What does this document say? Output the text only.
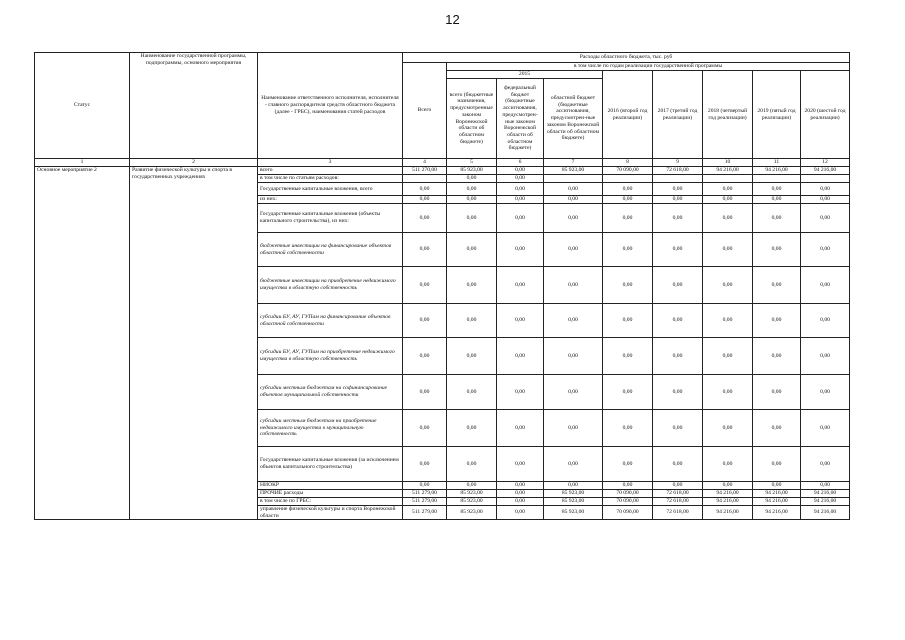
12
Статус	Наименование государственной программы, подпрограммы, основного мероприятия	Наименование ответственного исполнителя, исполнителя - главного распорядителя средств областного бюджета (далее - ГРБС), наименования статей расходов	Расходы областного бюджета, тыс. руб								
			Всего	в том числе по годам реализации государственной программы							
				2015			2016 (второй год реализации)	2017 (третий год реализации)	2018 (четвертый год реализации)	2019 (пятый год реализации)	2020 (шестой год реализации)
				всего (бюджетные назначения, предусмотренные законом Воронежской области об областном бюджете)	федеральный бюджет (бюджетные ассигнования, предусмотрен-ные законом Воронежской области об областном бюджете)	областной бюджет (бюджетные ассигнования, предусмотрен-ные законом Воронежской области об областном бюджете)					
1	2	3	4	5	6	7	8	9	10	11	12
Основное мероприятие 2	Развитие физической культуры и спорта в государственных учреждениях	всего	511 270,00	85 923,00	0,00	85 923,00	70 090,00	72 618,00	94 216,00	94 216,00	94 216,00
		в том числе по статьям расходов:		0,00	0,00						
		Государственные капитальные вложения, всего	0,00	0,00	0,00	0,00	0,00	0,00	0,00	0,00	0,00
		из них:	0,00	0,00	0,00	0,00	0,00	0,00	0,00	0,00	0,00
		Государственные капитальные вложения (объекты капитального строительства), из них:	0,00	0,00	0,00	0,00	0,00	0,00	0,00	0,00	0,00
		бюджетные инвестиции на финансирование объектов областной собственности	0,00	0,00	0,00	0,00	0,00	0,00	0,00	0,00	0,00
		бюджетные инвестиции на приобретение недвижимого имущества в областную собственность	0,00	0,00	0,00	0,00	0,00	0,00	0,00	0,00	0,00
		субсидии БУ, АУ, ГУПам на финансирование объектов областной собственности	0,00	0,00	0,00	0,00	0,00	0,00	0,00	0,00	0,00
		субсидии БУ, АУ, ГУПам на приобретение недвижимого имущества в областную собственность	0,00	0,00	0,00	0,00	0,00	0,00	0,00	0,00	0,00
		субсидии местным бюджетам на софинансирование объектов муниципальной собственности	0,00	0,00	0,00	0,00	0,00	0,00	0,00	0,00	0,00
		субсидии местным бюджетам на приобретение недвижимого имущества в муниципальную собственность	0,00	0,00	0,00	0,00	0,00	0,00	0,00	0,00	0,00
		Государственные капитальные вложения (за исключением объектов капитального строительства)	0,00	0,00	0,00	0,00	0,00	0,00	0,00	0,00	0,00
		НИОКР	0,00	0,00	0,00	0,00	0,00	0,00	0,00	0,00	0,00
		ПРОЧИЕ расходы	511 279,00	85 923,00	0,00	85 923,00	70 090,00	72 618,00	94 216,00	94 216,00	94 216,00
		в том числе по ГРБС:	511 279,00	85 923,00	0,00	85 923,00	70 090,00	72 618,00	94 216,00	94 216,00	94 216,00
		управление физической культуры и спорта Воронежской области	511 279,00	85 923,00	0,00	85 923,00	70 090,00	72 618,00	94 216,00	94 216,00	94 216,00
